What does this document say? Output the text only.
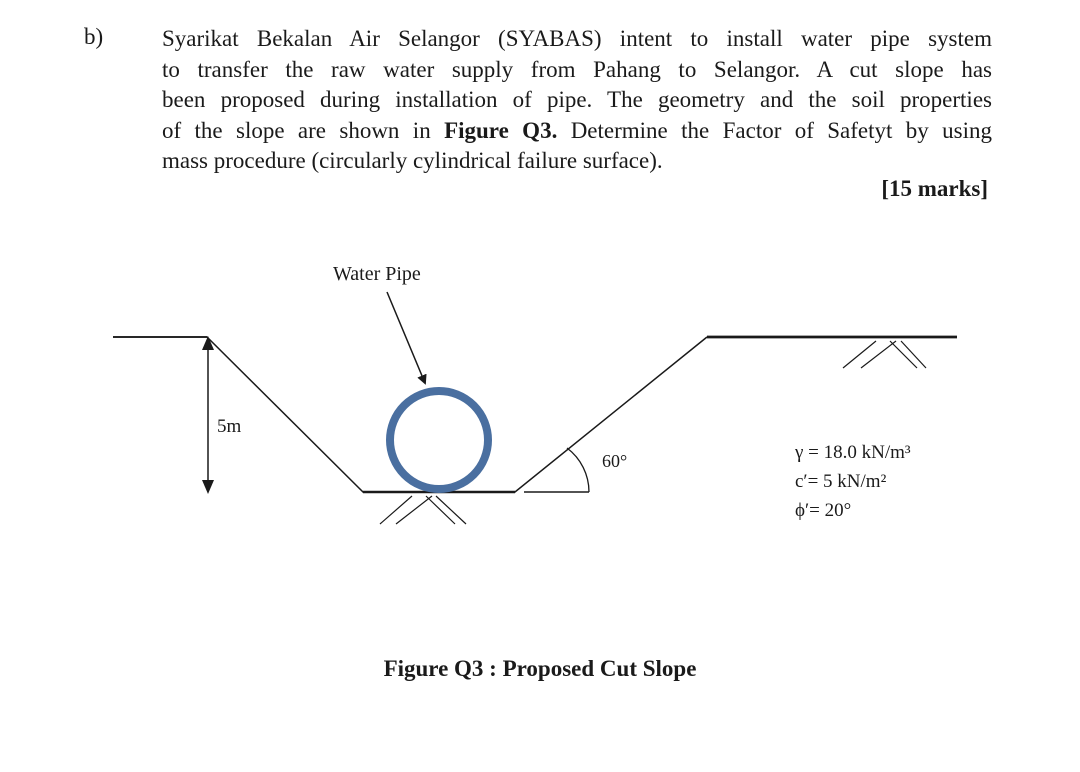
b)	Syarikat Bekalan Air Selangor (SYABAS) intent to install water pipe system
to transfer the raw water supply from Pahang to Selangor. A cut slope has
been proposed during installation of pipe. The geometry and the soil properties
of the slope are shown in Figure Q3. Determine the Factor of Safetyt by using
mass procedure (circularly cylindrical failure surface).
[15 marks]
60°
5m
Water Pipe
γ = 18.0 kN/m³
c′= 5 kN/m²
ϕ′= 20°
Figure Q3 : Proposed Cut Slope
